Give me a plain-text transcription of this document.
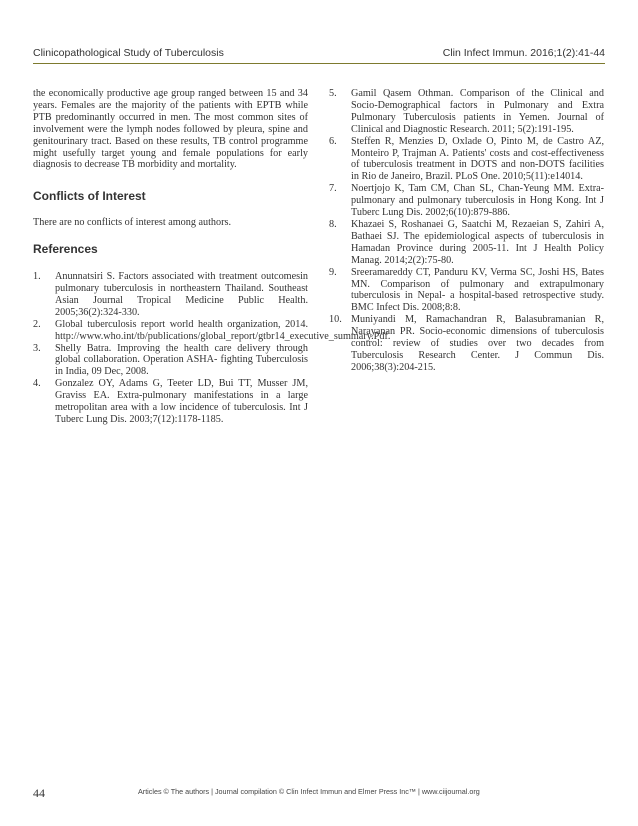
Clinicopathological Study of Tuberculosis	Clin Infect Immun. 2016;1(2):41-44

the economically productive age group ranged between 15 and 34 years. Females are the majority of the patients with EPTB while PTB predominantly occurred in men. The most common sites of involvement were the lymph nodes followed by pleura, spine and genitourinary tract. Based on these results, TB control programme might usefully target young and female populations for early diagnosis to decrease TB morbidity and mortality.

Conflicts of Interest

There are no conflicts of interest among authors.

References
1. Anunnatsiri S. Factors associated with treatment outcomesin pulmonary tuberculosis in northeastern Thailand. Southeast Asian Journal Tropical Medicine Public Health. 2005;36(2):324-330.
2. Global tuberculosis report world health organization, 2014. http://www.who.int/tb/publications/global_report/gtbr14_executive_summary.Pdf.
3. Shelly Batra. Improving the health care delivery through global collaboration. Operation ASHA- fighting Tuberculosis in India, 09 Dec, 2008.
4. Gonzalez OY, Adams G, Teeter LD, Bui TT, Musser JM, Graviss EA. Extra-pulmonary manifestations in a large metropolitan area with a low incidence of tuberculosis. Int J Tuberc Lung Dis. 2003;7(12):1178-1185.
5. Gamil Qasem Othman. Comparison of the Clinical and Socio-Demographical factors in Pulmonary and Extra Pulmonary Tuberculosis patients in Yemen. Journal of Clinical and Diagnostic Research. 2011; 5(2):191-195.
6. Steffen R, Menzies D, Oxlade O, Pinto M, de Castro AZ, Monteiro P, Trajman A. Patients' costs and cost-effectiveness of tuberculosis treatment in DOTS and non-DOTS facilities in Rio de Janeiro, Brazil. PLoS One. 2010;5(11):e14014.
7. Noertjojo K, Tam CM, Chan SL, Chan-Yeung MM. Extra-pulmonary and pulmonary tuberculosis in Hong Kong. Int J Tuberc Lung Dis. 2002;6(10):879-886.
8. Khazaei S, Roshanaei G, Saatchi M, Rezaeian S, Zahiri A, Bathaei SJ. The epidemiological aspects of tuberculosis in Hamadan Province during 2005-11. Int J Health Policy Manag. 2014;2(2):75-80.
9. Sreeramareddy CT, Panduru KV, Verma SC, Joshi HS, Bates MN. Comparison of pulmonary and extrapulmonary tuberculosis in Nepal- a hospital-based retrospective study. BMC Infect Dis. 2008;8:8.
10. Muniyandi M, Ramachandran R, Balasubramanian R, Narayanan PR. Socio-economic dimensions of tuberculosis control: review of studies over two decades from Tuberculosis Research Center. J Commun Dis. 2006;38(3):204-215.
44	Articles © The authors | Journal compilation © Clin Infect Immun and Elmer Press Inc™ | www.ciijournal.org
